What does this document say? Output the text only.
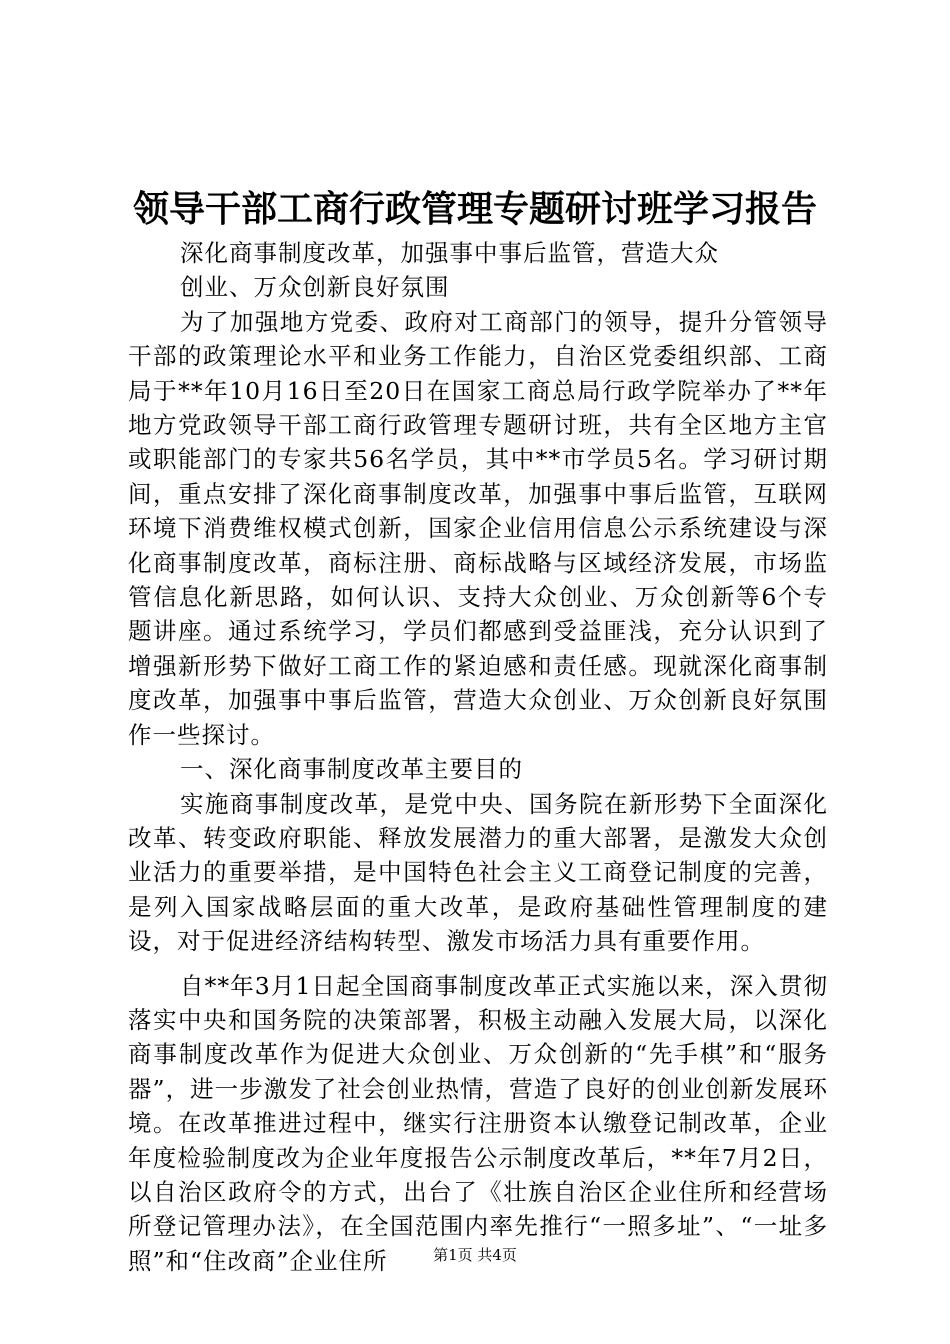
领导干部工商行政管理专题研讨班学习报告

深化商事制度改革，加强事中事后监管，营造大众创业、万众创新良好氛围

为了加强地方党委、政府对工商部门的领导，提升分管领导干部的政策理论水平和业务工作能力，自治区党委组织部、工商局于**年10月16日至20日在国家工商总局行政学院举办了**年地方党政领导干部工商行政管理专题研讨班，共有全区地方主官或职能部门的专家共56名学员，其中**市学员5名。学习研讨期间，重点安排了深化商事制度改革，加强事中事后监管，互联网环境下消费维权模式创新，国家企业信用信息公示系统建设与深化商事制度改革，商标注册、商标战略与区域经济发展，市场监管信息化新思路，如何认识、支持大众创业、万众创新等6个专题讲座。通过系统学习，学员们都感到受益匪浅，充分认识到了增强新形势下做好工商工作的紧迫感和责任感。现就深化商事制度改革，加强事中事后监管，营造大众创业、万众创新良好氛围作一些探讨。

一、深化商事制度改革主要目的

实施商事制度改革，是党中央、国务院在新形势下全面深化改革、转变政府职能、释放发展潜力的重大部署，是激发大众创业活力的重要举措，是中国特色社会主义工商登记制度的完善，是列入国家战略层面的重大改革，是政府基础性管理制度的建设，对于促进经济结构转型、激发市场活力具有重要作用。

自**年3月1日起全国商事制度改革正式实施以来，深入贯彻落实中央和国务院的决策部署，积极主动融入发展大局，以深化商事制度改革作为促进大众创业、万众创新的“先手棋”和“服务器”，进一步激发了社会创业热情，营造了良好的创业创新发展环境。在改革推进过程中，继实行注册资本认缴登记制改革，企业年度检验制度改为企业年度报告公示制度改革后，**年7月2日，以自治区政府令的方式，出台了《壮族自治区企业住所和经营场所登记管理办法》，在全国范围内率先推行“一照多址”、“一址多照”和“住改商”企业住所	第1页 共4页
